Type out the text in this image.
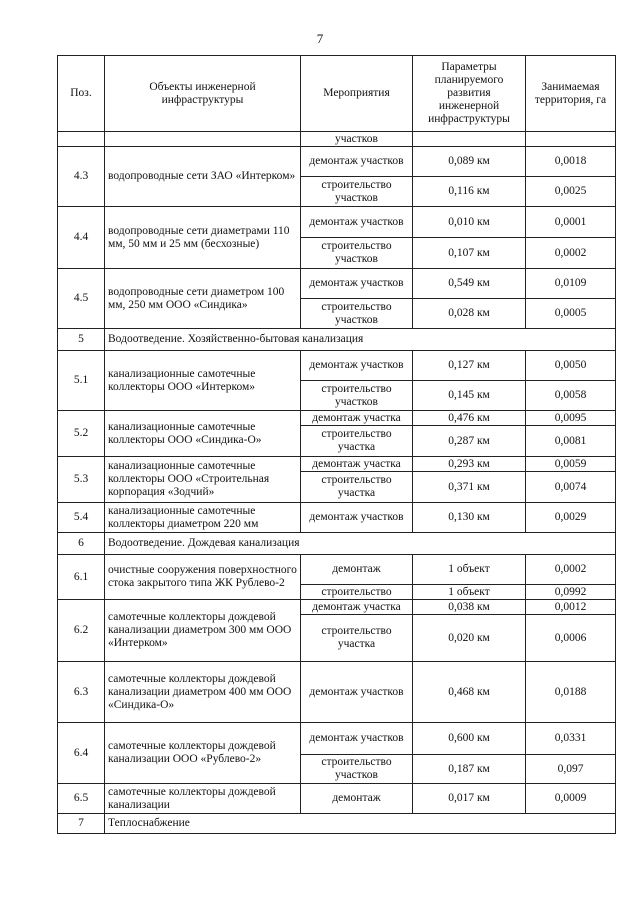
7
Поз.	Объекты инженерной инфраструктуры	Мероприятия	Параметры планируемого развития инженерной инфраструктуры	Занимаемая территория, га
		участков		
4.3	водопроводные сети ЗАО «Интерком»	демонтаж участков	0,089 км	0,0018
		строительство участков	0,116 км	0,0025
4.4	водопроводные сети диаметрами 110 мм, 50 мм и 25 мм (бесхозные)	демонтаж участков	0,010 км	0,0001
		строительство участков	0,107 км	0,0002
4.5	водопроводные сети диаметром 100 мм, 250 мм ООО «Синдика»	демонтаж участков	0,549 км	0,0109
		строительство участков	0,028 км	0,0005
5	Водоотведение. Хозяйственно-бытовая канализация			
5.1	канализационные самотечные коллекторы ООО «Интерком»	демонтаж участков	0,127 км	0,0050
		строительство участков	0,145 км	0,0058
5.2	канализационные самотечные коллекторы ООО «Синдика-О»	демонтаж участка	0,476 км	0,0095
		строительство участка	0,287 км	0,0081
5.3	канализационные самотечные коллекторы ООО «Строительная корпорация «Зодчий»	демонтаж участка	0,293 км	0,0059
		строительство участка	0,371 км	0,0074
5.4	канализационные самотечные коллекторы диаметром 220 мм	демонтаж участков	0,130 км	0,0029
6	Водоотведение. Дождевая канализация			
6.1	очистные сооружения поверхностного стока закрытого типа ЖК Рублево-2	демонтаж	1 объект	0,0002
		строительство	1 объект	0,0992
6.2	самотечные коллекторы дождевой канализации диаметром 300 мм ООО «Интерком»	демонтаж участка	0,038 км	0,0012
		строительство участка	0,020 км	0,0006
6.3	самотечные коллекторы дождевой канализации диаметром 400 мм ООО «Синдика-О»	демонтаж участков	0,468 км	0,0188
6.4	самотечные коллекторы дождевой канализации ООО «Рублево-2»	демонтаж участков	0,600 км	0,0331
		строительство участков	0,187 км	0,097
6.5	самотечные коллекторы дождевой канализации	демонтаж	0,017 км	0,0009
7	Теплоснабжение			
